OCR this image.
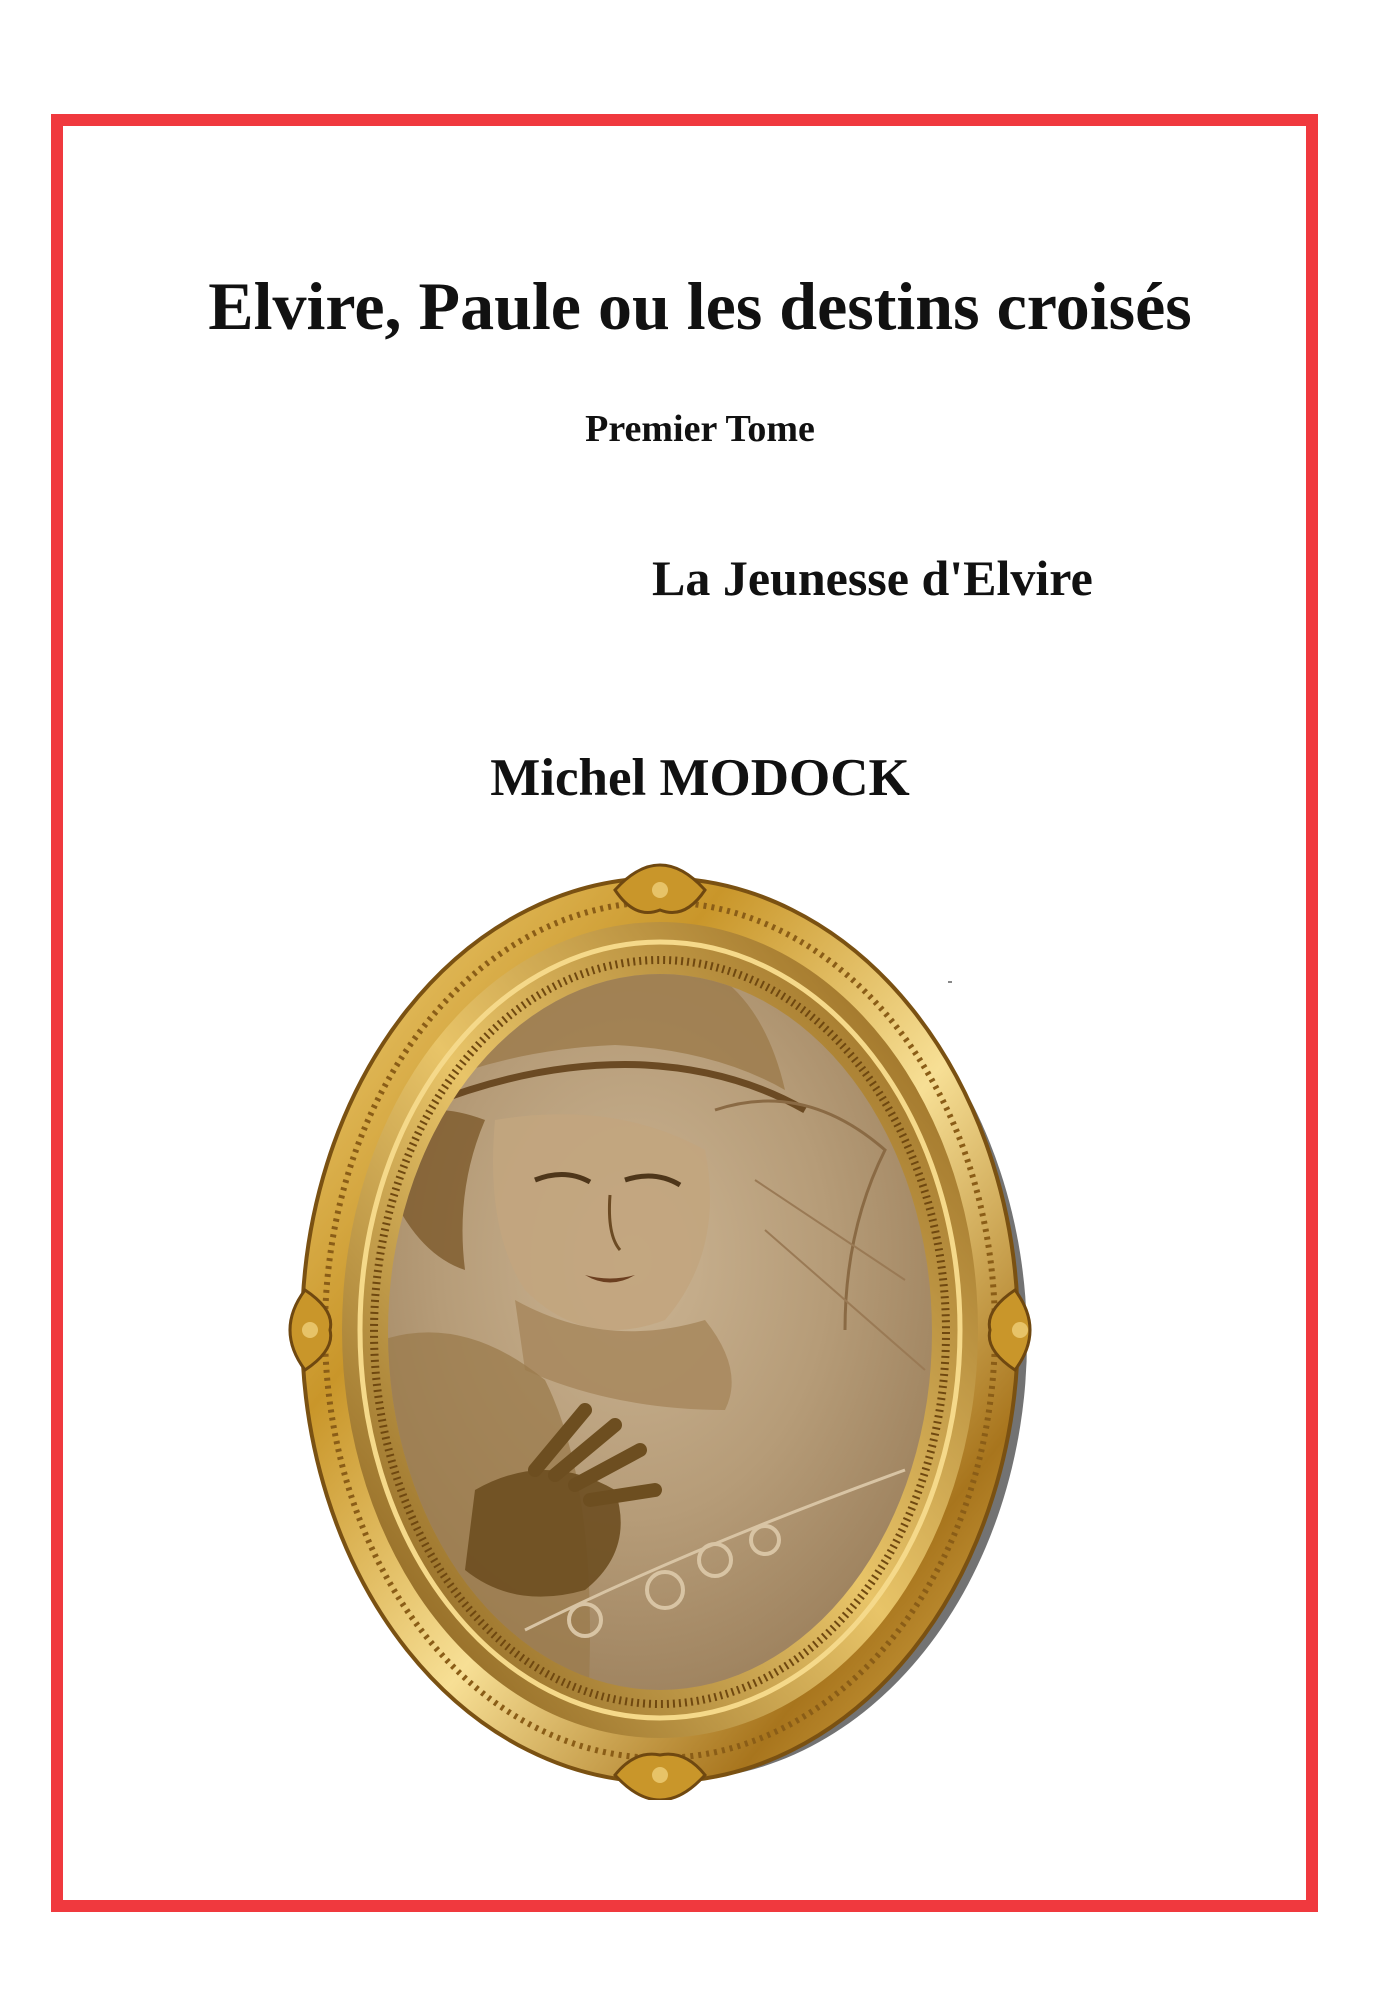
Elvire, Paule ou les destins croisés
Premier Tome
La Jeunesse d'Elvire
Michel MODOCK
